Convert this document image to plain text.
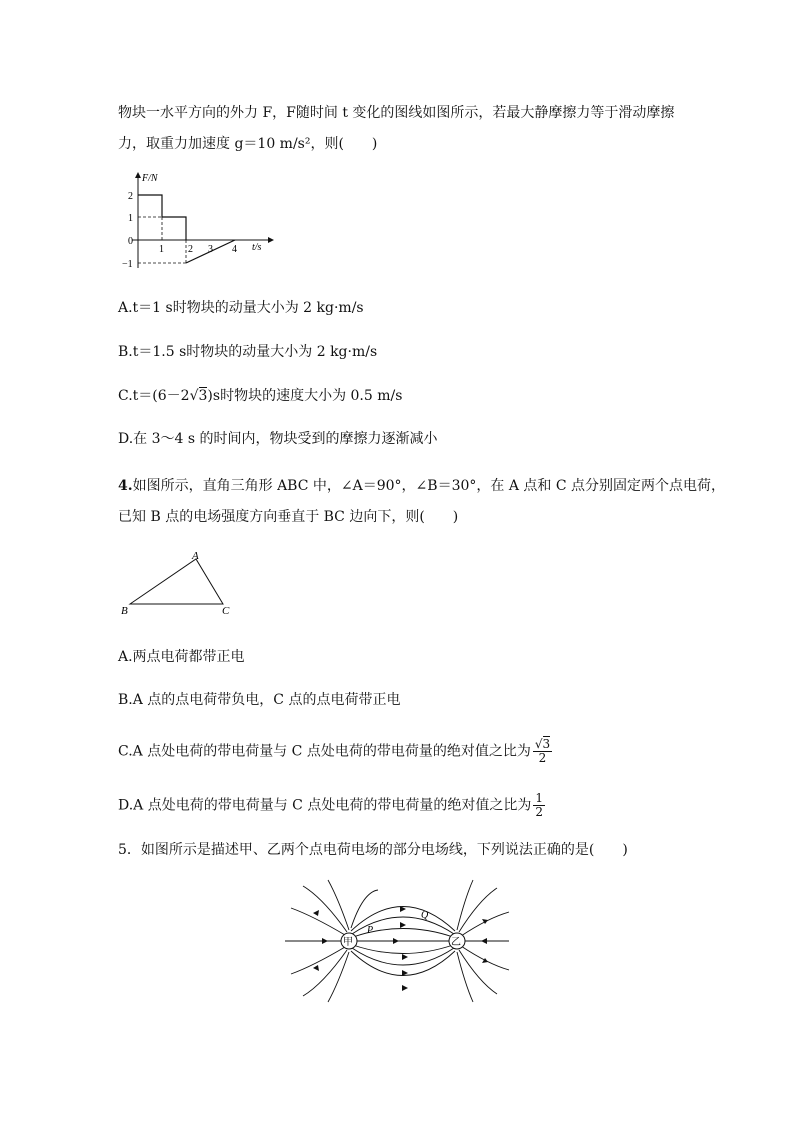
物块一水平方向的外力 F，F随时间 t 变化的图线如图所示，若最大静摩擦力等于滑动摩擦
力，取重力加速度 g＝10 m/s²，则(　　)
F/N
t/s
2
1
0
−1
1 2 3 4
A.t＝1 s时物块的动量大小为 2 kg·m/s
B.t＝1.5 s时物块的动量大小为 2 kg·m/s
C.t＝(6－2√3)s时物块的速度大小为 0.5 m/s
D.在 3～4 s 的时间内，物块受到的摩擦力逐渐减小
4.如图所示，直角三角形 ABC 中，∠A＝90°，∠B＝30°，在 A 点和 C 点分别固定两个点电荷，
已知 B 点的电场强度方向垂直于 BC 边向下，则(　　)
A
B	C
A.两点电荷都带正电
B.A 点的点电荷带负电，C 点的点电荷带正电
C.A 点处电荷的带电荷量与 C 点处电荷的带电荷量的绝对值之比为 $\frac{√3}{2}$
D.A 点处电荷的带电荷量与 C 点处电荷的带电荷量的绝对值之比为 $\frac{1}{2}$
5．如图所示是描述甲、乙两个点电荷电场的部分电场线，下列说法正确的是(　　)
甲	乙
P
Q
